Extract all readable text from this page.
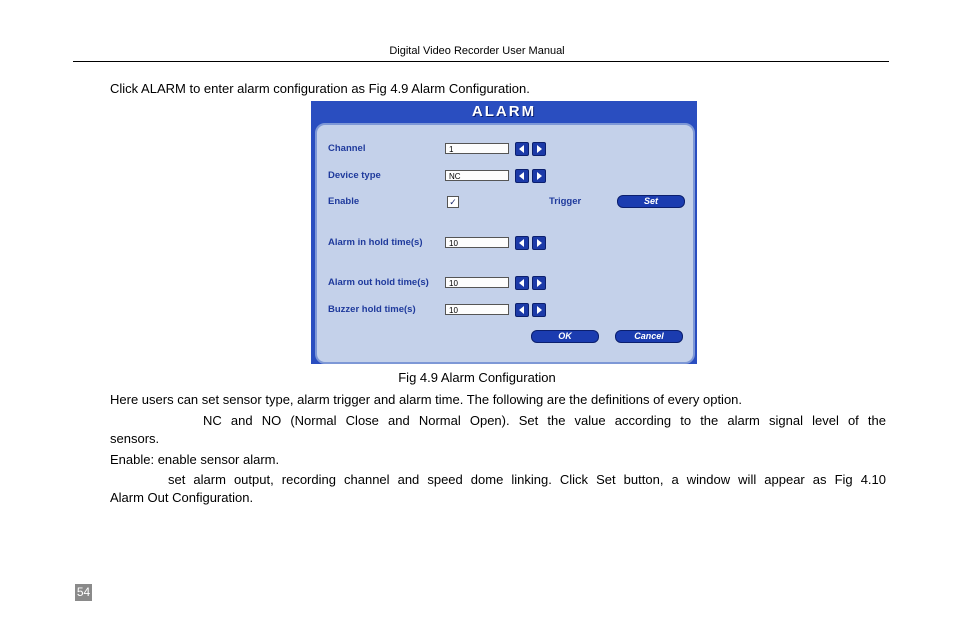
Digital Video Recorder User Manual
Click ALARM to enter alarm configuration as Fig 4.9 Alarm Configuration.
ALARM
Channel	1
Device type	NC
Enable	✓	Trigger	Set
Alarm in hold time(s)	10
Alarm out hold time(s)	10
Buzzer hold time(s)	10
OK	Cancel
Fig 4.9 Alarm Configuration
Here users can set sensor type, alarm trigger and alarm time. The following are the definitions of every option.
NC and NO (Normal Close and Normal Open). Set the value according to the alarm signal level of the
sensors.
Enable: enable sensor alarm.
set alarm output, recording channel and speed dome linking. Click Set button, a window will appear as Fig 4.10
Alarm Out Configuration.
54
